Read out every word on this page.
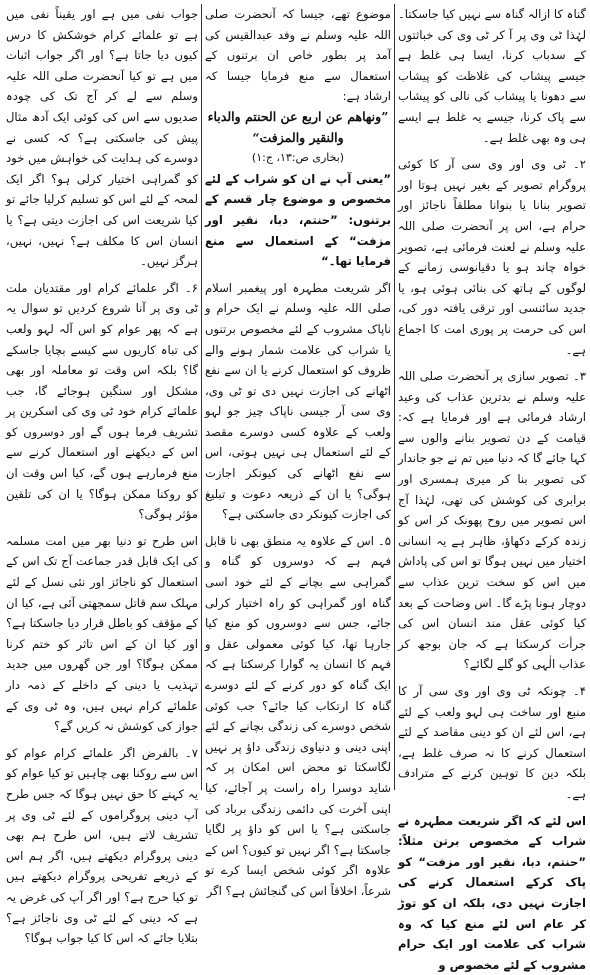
گناہ کا ازالہ گناہ سے نہیں کیا جاسکتا۔ لہٰذا ٹی وی پر آ کر ٹی وی کی خباثتوں کے سدباب کرنا، ایسا ہی غلط ہے جیسے پیشاب کی غلاظت کو پیشاب سے دھونا یا پیشاب کی نالی کو پیشاب سے پاک کرنا، جیسے یہ غلط ہے ایسے ہی وہ بھی غلط ہے۔

۲۔ ٹی وی اور وی سی آر کا کوئی پروگرام تصویر کے بغیر نہیں ہوتا اور تصویر بنانا یا بنوانا مطلقاً ناجائز اور حرام ہے، اس پر آنحضرت صلی اللہ علیہ وسلم نے لعنت فرمائی ہے، تصویر خواہ چاند ہو یا دقیانوسی زمانے کے لوگوں کے ہاتھ کی بنائی ہوئی ہو، یا جدید سائنسی اور ترقی یافتہ دور کی، اس کی حرمت پر پوری امت کا اجماع ہے۔

۳۔ تصویر سازی پر آنحضرت صلی اللہ علیہ وسلم نے بدترین عذاب کی وعید ارشاد فرمائی ہے اور فرمایا ہے کہ: قیامت کے دن تصویر بنانے والوں سے کہا جائے گا کہ دنیا میں تم نے جو جاندار کی تصویر بنا کر میری ہمسری اور برابری کی کوشش کی تھی، لہٰذا آج اس تصویر میں روح پھونک کر اس کو زندہ کرکے دکھاؤ، ظاہر ہے یہ انسانی اختیار میں نہیں ہوگا تو اس کی پاداش میں اس کو سخت ترین عذاب سے دوچار ہونا پڑے گا۔ اس وضاحت کے بعد کیا کوئی عقل مند انسان اس کی جرأت کرسکتا ہے کہ جان بوجھ کر عذاب الٰہی کو گلے لگائے؟

۴۔ چونکہ ٹی وی اور وی سی آر کا منبع اور ساخت ہی لہو ولعب کے لئے ہے، اس لئے ان کو دینی مقاصد کے لئے استعمال کرنے کا نہ صرف غلط ہے، بلکہ دین کا توہین کرنے کے مترادف ہے۔

اس لئے کہ اگر شریعت مطہرہ نے شراب کے مخصوص برتن مثلاً: ”حنتم، دبا، نقیر اور مزفت“ کو پاک کرکے استعمال کرنے کی اجازت نہیں دی، بلکہ ان کو توڑ کر عام اس لئے منع کیا کہ وہ شراب کی علامت اور ایک حرام مشروب کے لئے مخصوص و

موضوع تھے، جیسا کہ آنحضرت صلی اللہ علیہ وسلم نے وفد عبدالقیس کی آمد پر بطور خاص ان برتنوں کے استعمال سے منع فرمایا جیسا کہ ارشاد ہے:

”ونهاهم عن اربع عن الحنتم والدباء والنقير والمزفت“

(بخاری ص:۱۳، ج:۱)

”یعنی آپ نے ان کو شراب کے لئے مخصوص و موضوع چار قسم کے برتنوں: ”حنتم، دبا، نقیر اور مزفت“ کے استعمال سے منع فرمایا تھا۔“

اگر شریعت مطہرہ اور پیغمبر اسلام صلی اللہ علیہ وسلم نے ایک حرام و ناپاک مشروب کے لئے مخصوص برتنوں یا شراب کی علامت شمار ہونے والے ظروف کو استعمال کرنے یا ان سے نفع اٹھانے کی اجازت نہیں دی تو ٹی وی، وی سی آر جیسی ناپاک چیز جو لہو ولعب کے علاوہ کسی دوسرے مقصد کے لئے استعمال ہی نہیں ہوتی، اس سے نفع اٹھانے کی کیونکر اجازت ہوگی؟ یا ان کے ذریعہ دعوت و تبلیغ کی اجازت کیونکر دی جاسکتی ہے؟

۵۔ اس کے علاوہ یہ منطق بھی نا قابل فہم ہے کہ دوسروں کو گناہ و گمراہی سے بچانے کے لئے خود اسی گناہ اور گمراہی کو راہ اختیار کرلی جائے، جس سے دوسروں کو منع کیا جارہا تھا، کیا کوئی معمولی عقل و فہم کا انسان یہ گوارا کرسکتا ہے کہ ایک گناہ کو دور کرنے کے لئے دوسرے گناہ کا ارتکاب کیا جائے؟ جب کوئی شخص دوسرے کی زندگی بچانے کے لئے اپنی دینی و دنیاوی زندگی داؤ پر نہیں لگاسکتا تو محض اس امکان پر کہ شاید دوسرا راہ راست پر آجائے، کیا اپنی آخرت کی دائمی زندگی برباد کی جاسکتی ہے؟ یا اس کو داؤ پر لگایا جاسکتا ہے؟ اگر نہیں تو کیوں؟ اس کے علاوہ اگر کوئی شخص ایسا کرے تو شرعاً، اخلاقاً اس کی گنجائش ہے؟ اگر

جواب نفی میں ہے اور یقیناً نفی میں ہے تو علمائے کرام خوشکش کا درس کیوں دیا جاتا ہے؟ اور اگر جواب اثبات میں ہے تو کیا آنحضرت صلی اللہ علیہ وسلم سے لے کر آج تک کی چودہ صدیوں سے اس کی کوئی ایک آدھ مثال پیش کی جاسکتی ہے؟ کہ کسی نے دوسرے کی ہدایت کی خواہش میں خود کو گمراہی اختیار کرلی ہو؟ اگر ایک لمحہ کے لئے اس کو تسلیم کرلیا جائے تو کیا شریعت اس کی اجازت دیتی ہے؟ یا انسان اس کا مکلف ہے؟ نہیں، نہیں، ہرگز نہیں۔

۶۔ اگر علمائے کرام اور مقتدیان ملت ٹی وی پر آنا شروع کردیں تو سوال یہ ہے کہ پھر عوام کو اس آلہ لہو ولعب کی تباہ کاریوں سے کیسے بچایا جاسکے گا؟ بلکہ اس وقت تو معاملہ اور بھی مشکل اور سنگین ہوجائے گا، جب علمائے کرام خود ٹی وی کی اسکرین پر تشریف فرما ہوں گے اور دوسروں کو اس کے دیکھنے اور استعمال کرنے سے منع فرمارہے ہوں گے، کیا اس وقت ان کو روکنا ممکن ہوگا؟ یا ان کی تلقین مؤثر ہوگی؟

اس طرح تو دنیا بھر میں امت مسلمہ کی ایک قابل قدر جماعت آج تک اس کے استعمال کو ناجائز اور نئی نسل کے لئے مہلک سم قاتل سمجھتی آئی ہے، کیا ان کے مؤقف کو باطل قرار دیا جاسکتا ہے؟ اور کیا ان کے اس تاثر کو ختم کرنا ممکن ہوگا؟ اور جن گھروں میں جدید تہذیب یا دینی کے داخلے کے ذمہ دار علمائے کرام نہیں ہیں، وہ ٹی وی کے جواز کی کوشش نہ کریں گے؟

۷۔ بالفرض اگر علمائے کرام عوام کو اس سے روکنا بھی چاہیں تو کیا عوام کو یہ کہنے کا حق نہیں ہوگا کہ جس طرح آپ دینی پروگراموں کے لئے ٹی وی پر تشریف لاتے ہیں، اس طرح ہم بھی دینی پروگرام دیکھتے ہیں، اگر ہم اس کے ذریعے تفریحی پروگرام دیکھتے ہیں تو کیا حرج ہے؟ اور اگر آپ کی غرض یہ ہے کہ دینی کے لئے ٹی وی ناجائز ہے؟ بتلایا جائے کہ اس کا کیا جواب ہوگا؟
